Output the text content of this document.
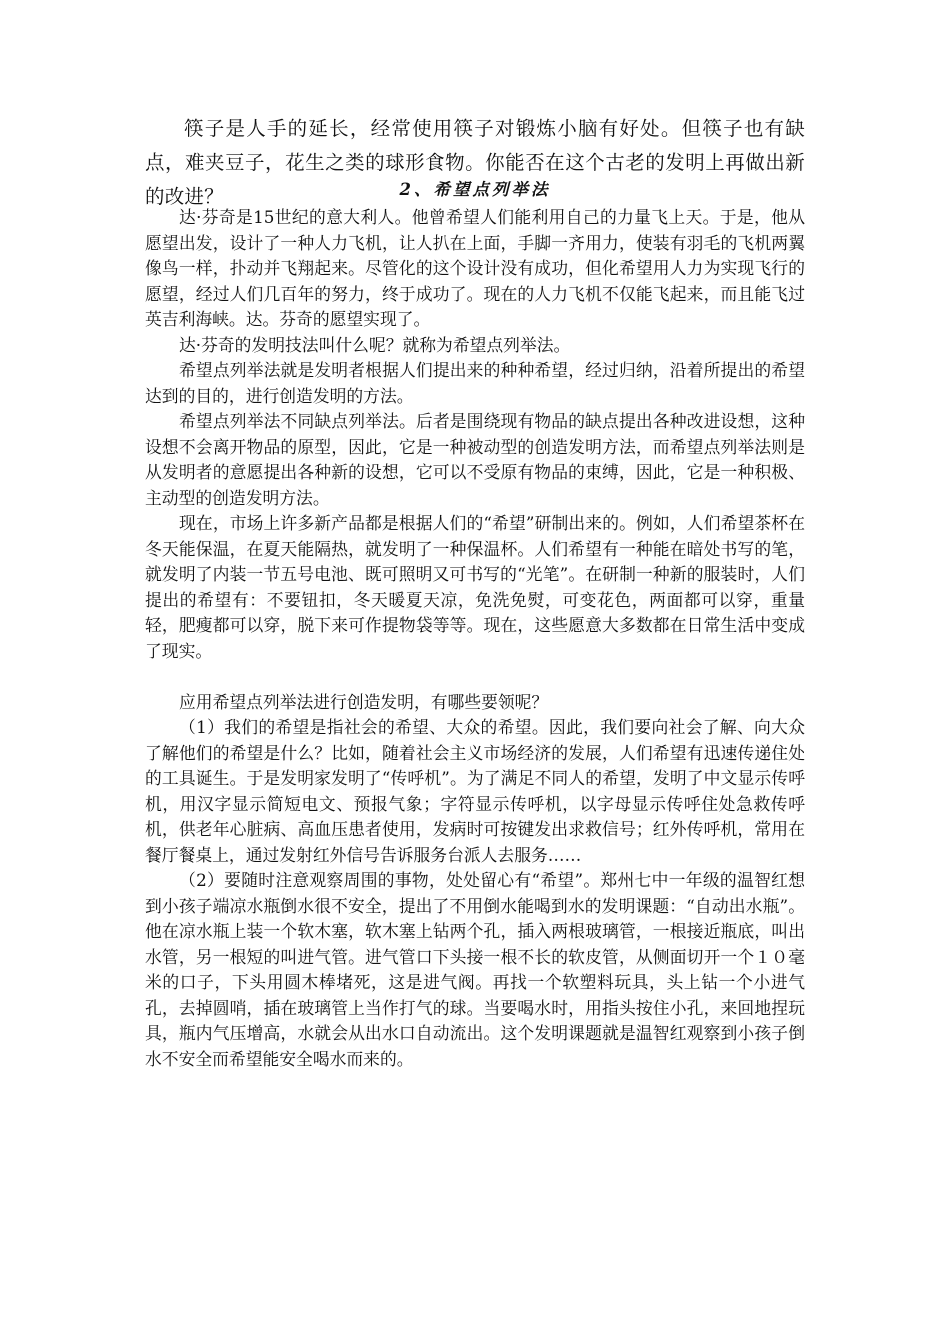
筷子是人手的延长，经常使用筷子对锻炼小脑有好处。但筷子也有缺点，难夹豆子，花生之类的球形食物。你能否在这个古老的发明上再做出新的改进？	2、希望点列举法

达·芬奇是15世纪的意大利人。他曾希望人们能利用自己的力量飞上天。于是，他从愿望出发，设计了一种人力飞机，让人扒在上面，手脚一齐用力，使装有羽毛的飞机两翼像鸟一样，扑动并飞翔起来。尽管化的这个设计没有成功，但化希望用人力为实现飞行的愿望，经过人们几百年的努力，终于成功了。现在的人力飞机不仅能飞起来，而且能飞过英吉利海峡。达。芬奇的愿望实现了。

达·芬奇的发明技法叫什么呢？就称为希望点列举法。

希望点列举法就是发明者根据人们提出来的种种希望，经过归纳，沿着所提出的希望达到的目的，进行创造发明的方法。

希望点列举法不同缺点列举法。后者是围绕现有物品的缺点提出各种改进设想，这种设想不会离开物品的原型，因此，它是一种被动型的创造发明方法，而希望点列举法则是从发明者的意愿提出各种新的设想，它可以不受原有物品的束缚，因此，它是一种积极、主动型的创造发明方法。

现在，市场上许多新产品都是根据人们的“希望”研制出来的。例如，人们希望茶杯在冬天能保温，在夏天能隔热，就发明了一种保温杯。人们希望有一种能在暗处书写的笔，就发明了内装一节五号电池、既可照明又可书写的“光笔”。在研制一种新的服装时，人们提出的希望有：不要钮扣，冬天暖夏天凉，免洗免熨，可变花色，两面都可以穿，重量轻，肥瘦都可以穿，脱下来可作提物袋等等。现在，这些愿意大多数都在日常生活中变成了现实。

应用希望点列举法进行创造发明，有哪些要领呢？

（1）我们的希望是指社会的希望、大众的希望。因此，我们要向社会了解、向大众了解他们的希望是什么？比如，随着社会主义市场经济的发展，人们希望有迅速传递住处的工具诞生。于是发明家发明了“传呼机”。为了满足不同人的希望，发明了中文显示传呼机，用汉字显示简短电文、预报气象；字符显示传呼机，以字母显示传呼住处急救传呼机，供老年心脏病、高血压患者使用，发病时可按键发出求救信号；红外传呼机，常用在餐厅餐桌上，通过发射红外信号告诉服务台派人去服务……

（2）要随时注意观察周围的事物，处处留心有“希望”。郑州七中一年级的温智红想到小孩子端凉水瓶倒水很不安全，提出了不用倒水能喝到水的发明课题：“自动出水瓶”。他在凉水瓶上装一个软木塞，软木塞上钻两个孔，插入两根玻璃管，一根接近瓶底，叫出水管，另一根短的叫进气管。进气管口下头接一根不长的软皮管，从侧面切开一个１０毫米的口子，下头用圆木棒堵死，这是进气阀。再找一个软塑料玩具，头上钻一个小进气孔，去掉圆哨，插在玻璃管上当作打气的球。当要喝水时，用指头按住小孔，来回地捏玩具，瓶内气压增高，水就会从出水口自动流出。这个发明课题就是温智红观察到小孩子倒水不安全而希望能安全喝水而来的。
